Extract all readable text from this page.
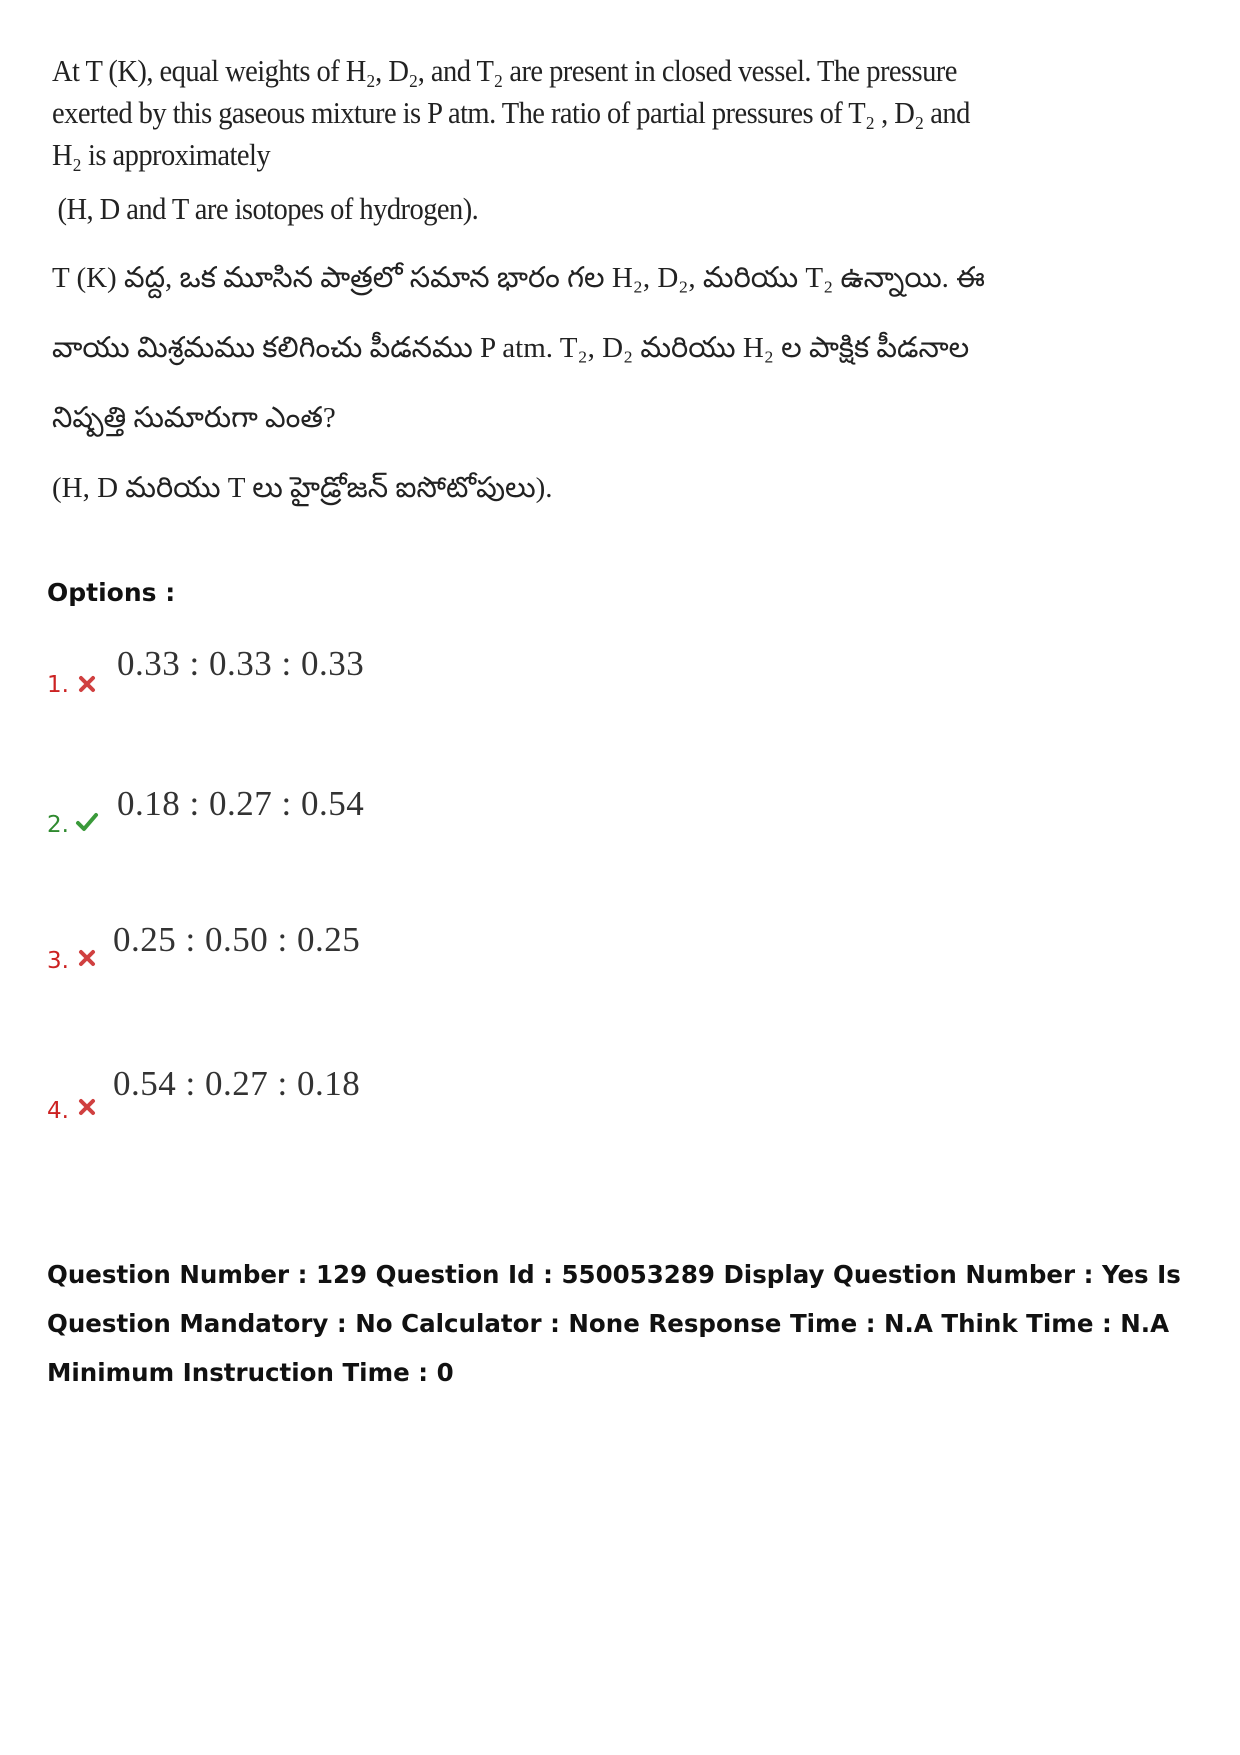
At T (K), equal weights of H₂, D₂, and T₂ are present in closed vessel. The pressure
exerted by this gaseous mixture is P atm. The ratio of partial pressures of T₂ , D₂ and
H₂ is approximately
(H, D and T are isotopes of hydrogen).
T (K) వద్ద, ఒక మూసిన పాత్రలో సమాన భారం గల H₂, D₂, మరియు T₂ ఉన్నాయి. ఈ
వాయు మిశ్రమము కలిగించు పీడనము P atm. T₂, D₂ మరియు H₂ ల పాక్షిక పీడనాల
నిష్పత్తి సుమారుగా ఎంత?
(H, D మరియు T లు హైడ్రోజన్ ఐసోటోపులు).
Options :
1.
0.33 : 0.33 : 0.33
2.
0.18 : 0.27 : 0.54
3.
0.25 : 0.50 : 0.25
4.
0.54 : 0.27 : 0.18
Question Number : 129 Question Id : 550053289 Display Question Number : Yes Is Question Mandatory : No Calculator : None Response Time : N.A Think Time : N.A Minimum Instruction Time : 0
